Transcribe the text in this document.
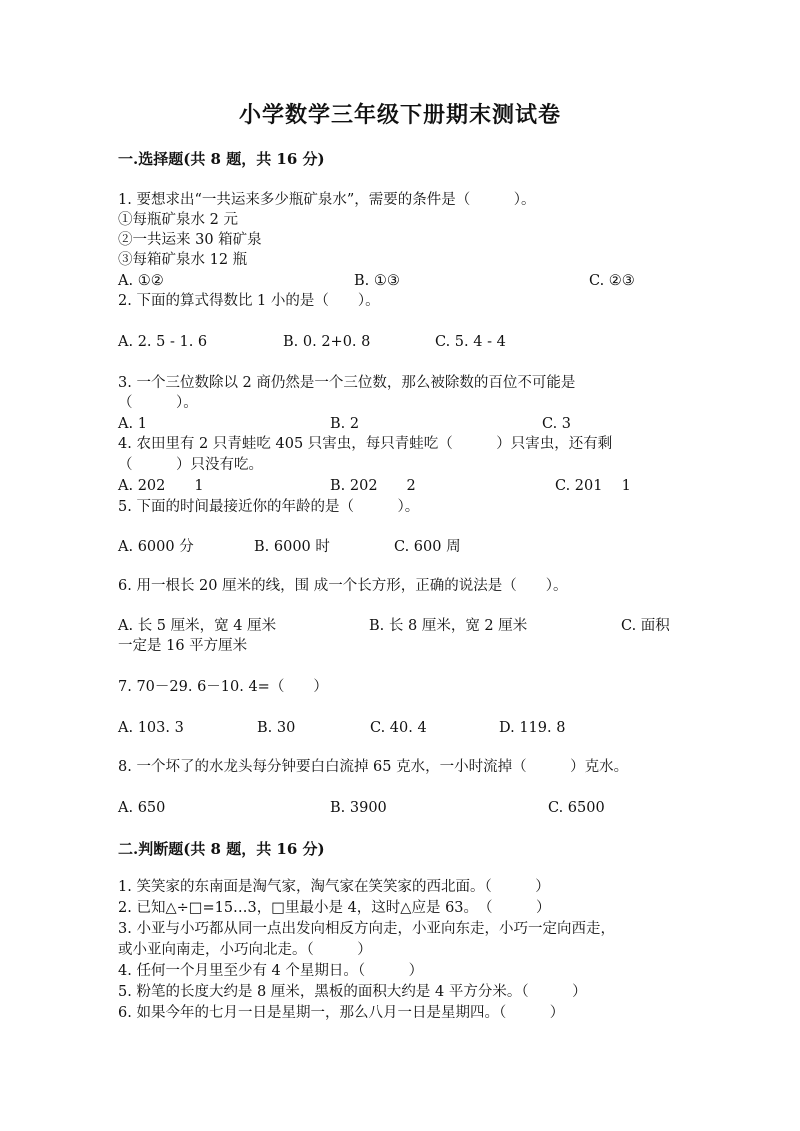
小学数学三年级下册期末测试卷
一.选择题(共 8 题，共 16 分)
1. 要想求出“一共运来多少瓶矿泉水”，需要的条件是（　　　）。
①每瓶矿泉水 2 元
②一共运来 30 箱矿泉
③每箱矿泉水 12 瓶
A. ①②	B. ①③	C. ②③
2. 下面的算式得数比 1 小的是（　　）。
A. 2. 5 - 1. 6	B. 0. 2+0. 8	C. 5. 4 - 4
3. 一个三位数除以 2 商仍然是一个三位数，那么被除数的百位不可能是
（　　　）。
A. 1	B. 2	C. 3
4. 农田里有 2 只青蛙吃 405 只害虫，每只青蛙吃（　　　）只害虫，还有剩
（　　　）只没有吃。
A. 202　　1	B. 202　　2	C. 201　 1
5. 下面的时间最接近你的年龄的是（　　　）。
A. 6000 分	B. 6000 时	C. 600 周
6. 用一根长 20 厘米的线，围 成一个长方形，正确的说法是（　　）。
A. 长 5 厘米，宽 4 厘米	B. 长 8 厘米，宽 2 厘米	C. 面积
一定是 16 平方厘米
7. 70－29. 6－10. 4=（　　）
A. 103. 3	B. 30	C. 40. 4	D. 119. 8
8. 一个坏了的水龙头每分钟要白白流掉 65 克水，一小时流掉（　　　）克水。
A. 650	B. 3900	C. 6500
二.判断题(共 8 题，共 16 分)
1. 笑笑家的东南面是淘气家，淘气家在笑笑家的西北面。（　　　）
2. 已知△÷□=15…3，□里最小是 4，这时△应是 63。　（　　　）
3. 小亚与小巧都从同一点出发向相反方向走，小亚向东走，小巧一定向西走，
或小亚向南走，小巧向北走。（　　　）
4. 任何一个月里至少有 4 个星期日。（　　　）
5. 粉笔的长度大约是 8 厘米，黑板的面积大约是 4 平方分米。（　　　）
6. 如果今年的七月一日是星期一，那么八月一日是星期四。（　　　）
